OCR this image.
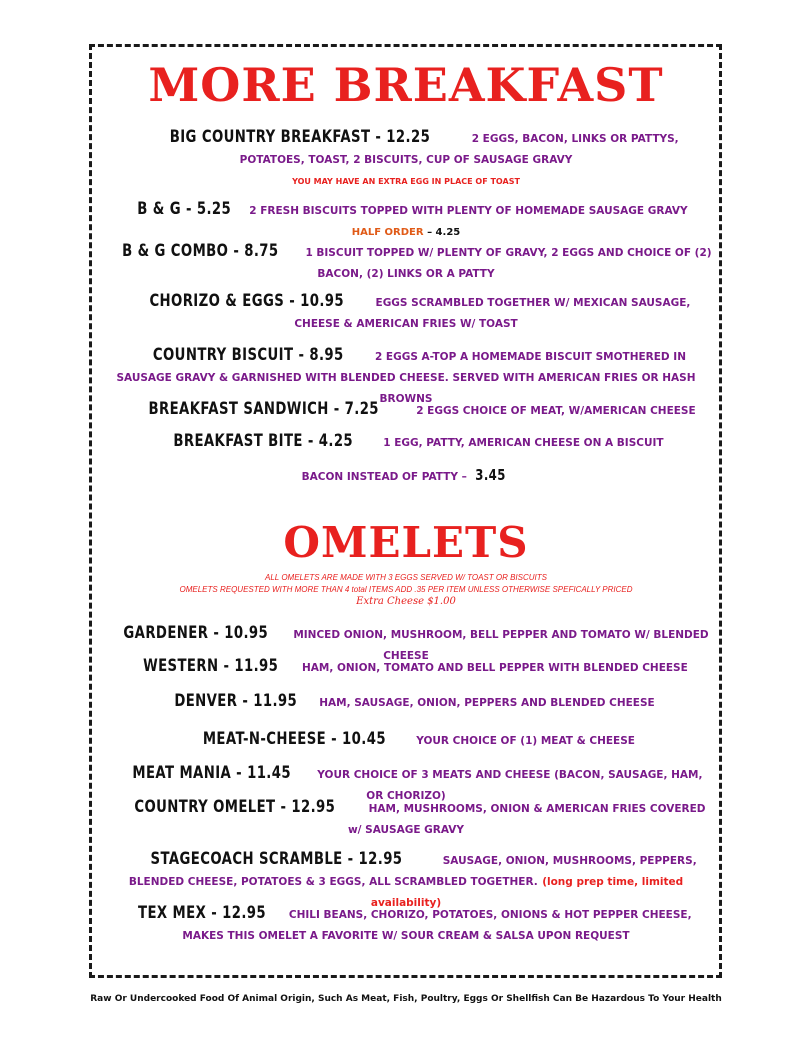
MORE BREAKFAST
BIG COUNTRY BREAKFAST - 12.25	2 EGGS, BACON, LINKS OR PATTYS, POTATOES, TOAST, 2 BISCUITS, CUP OF SAUSAGE GRAVY
YOU MAY HAVE AN EXTRA EGG IN PLACE OF TOAST
B & G - 5.25 2 FRESH BISCUITS TOPPED WITH PLENTY OF HOMEMADE SAUSAGE GRAVY
HALF ORDER – 4.25
B & G COMBO - 8.75	1 BISCUIT TOPPED W/ PLENTY OF GRAVY, 2 EGGS AND CHOICE OF (2) BACON, (2) LINKS OR A PATTY
CHORIZO & EGGS - 10.95	EGGS SCRAMBLED TOGETHER W/ MEXICAN SAUSAGE, CHEESE & AMERICAN FRIES W/ TOAST
COUNTRY BISCUIT - 8.95	2 EGGS A-TOP A HOMEMADE BISCUIT SMOTHERED IN SAUSAGE GRAVY & GARNISHED WITH BLENDED CHEESE. SERVED WITH AMERICAN FRIES OR HASH BROWNS
BREAKFAST SANDWICH - 7.25	2 EGGS CHOICE OF MEAT, W/AMERICAN CHEESE
BREAKFAST BITE - 4.25	1 EGG, PATTY, AMERICAN CHEESE ON A BISCUIT
BACON INSTEAD OF PATTY – 3.45
OMELETS
ALL OMELETS ARE MADE WITH 3 EGGS SERVED W/ TOAST OR BISCUITS
OMELETS REQUESTED WITH MORE THAN 4 total ITEMS ADD .35 PER ITEM UNLESS OTHERWISE SPEFICALLY PRICED
Extra Cheese $1.00
GARDENER - 10.95 MINCED ONION, MUSHROOM, BELL PEPPER AND TOMATO W/ BLENDED CHEESE
WESTERN - 11.95 HAM, ONION, TOMATO AND BELL PEPPER WITH BLENDED CHEESE
DENVER - 11.95 HAM, SAUSAGE, ONION, PEPPERS AND BLENDED CHEESE
MEAT-N-CHEESE - 10.45	YOUR CHOICE OF (1) MEAT & CHEESE
MEAT MANIA - 11.45	YOUR CHOICE OF 3 MEATS AND CHEESE (BACON, SAUSAGE, HAM, OR CHORIZO)
COUNTRY OMELET - 12.95	HAM, MUSHROOMS, ONION & AMERICAN FRIES COVERED w/ SAUSAGE GRAVY
STAGECOACH SCRAMBLE - 12.95	SAUSAGE, ONION, MUSHROOMS, PEPPERS, BLENDED CHEESE, POTATOES & 3 EGGS, ALL SCRAMBLED TOGETHER. (long prep time, limited availability)
TEX MEX - 12.95 CHILI BEANS, CHORIZO, POTATOES, ONIONS & HOT PEPPER CHEESE, MAKES THIS OMELET A FAVORITE W/ SOUR CREAM & SALSA UPON REQUEST
Raw Or Undercooked Food Of Animal Origin, Such As Meat, Fish, Poultry, Eggs Or Shellfish Can Be Hazardous To Your Health
